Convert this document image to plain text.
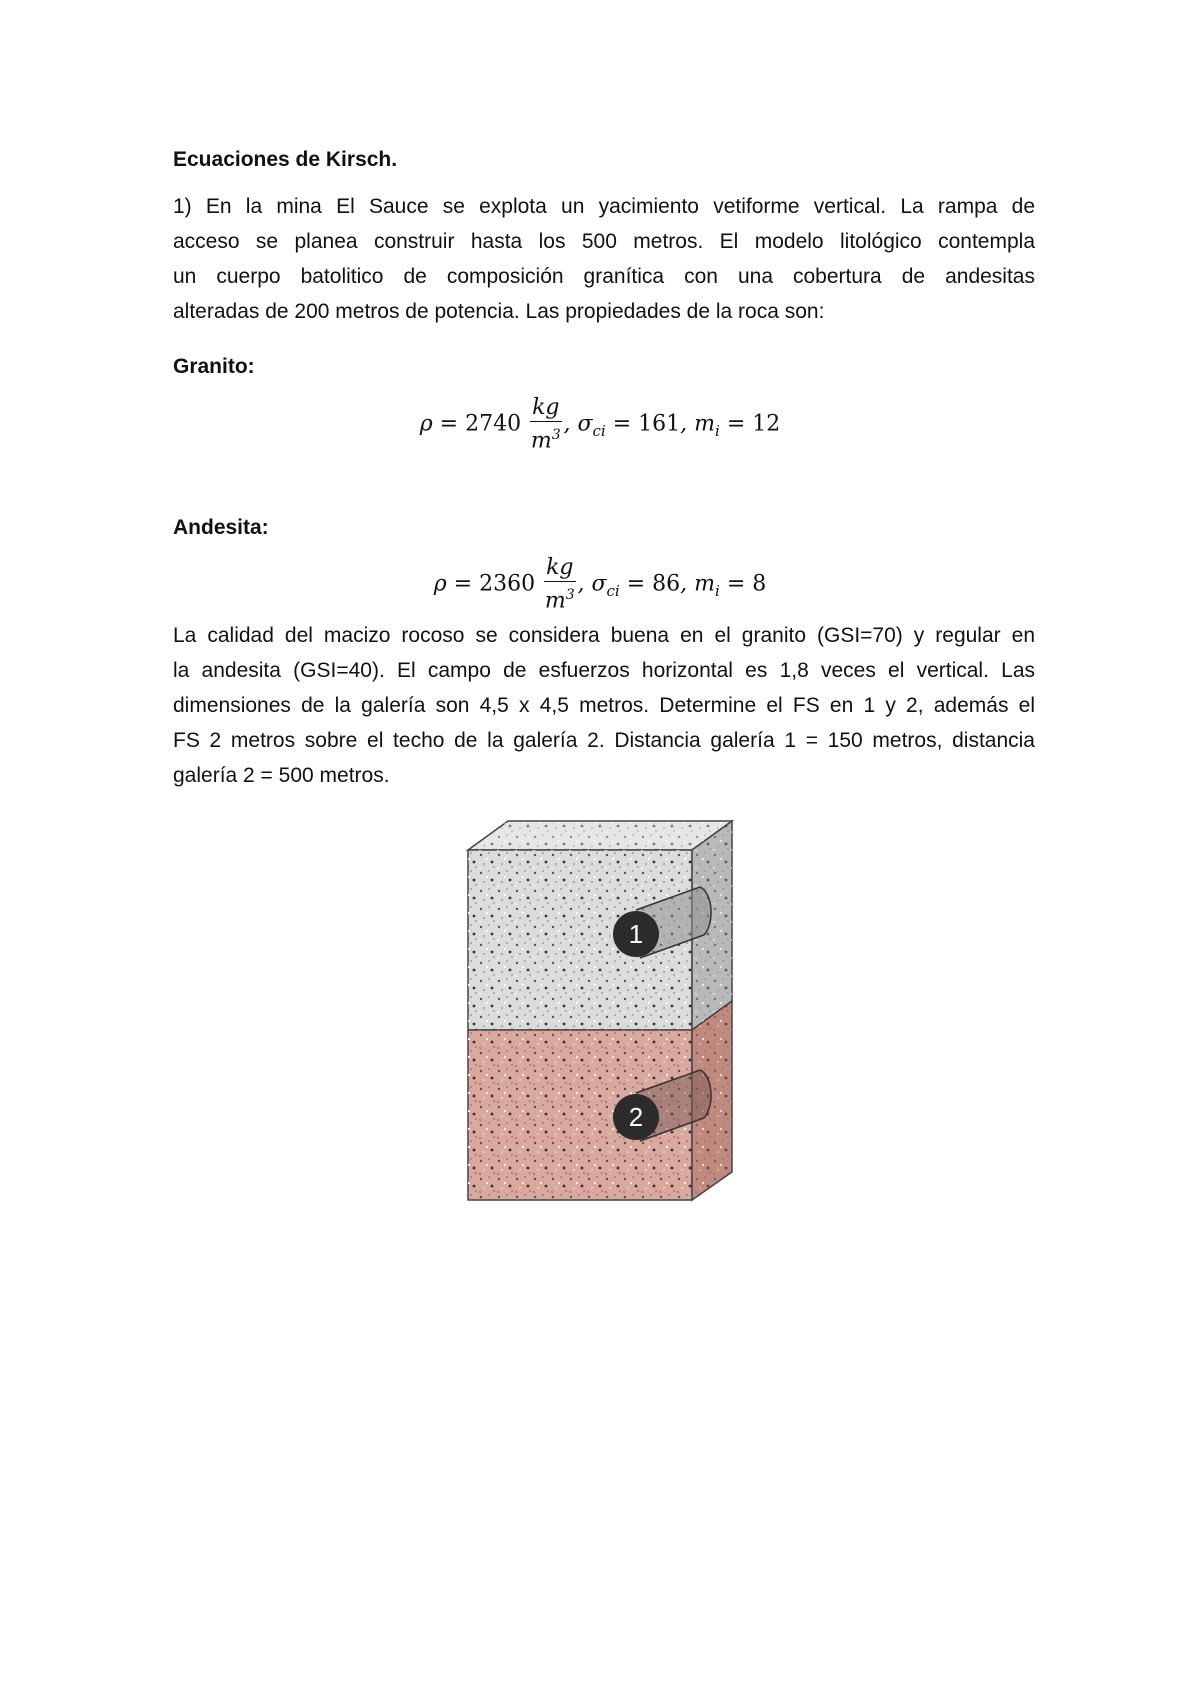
Ecuaciones de Kirsch.
1) En la mina El Sauce se explota un yacimiento vetiforme vertical. La rampa de
acceso se planea construir hasta los 500 metros. El modelo litológico contempla
un cuerpo batolitico de composición granítica con una cobertura de andesitas
alteradas de 200 metros de potencia. Las propiedades de la roca son:
Granito:
$\rho = 2740 \frac{kg}{m^3}$ , $\sigma_{ci} = 161$, $m_i = 12$
Andesita:
$\rho = 2360 \frac{kg}{m^3}$ , $\sigma_{ci} = 86$, $m_i = 8$
La calidad del macizo rocoso se considera buena en el granito (GSI=70) y regular en
la andesita (GSI=40). El campo de esfuerzos horizontal es 1,8 veces el vertical. Las
dimensiones de la galería son 4,5 x 4,5 metros. Determine el FS en 1 y 2, además el
FS 2 metros sobre el techo de la galería 2. Distancia galería 1 = 150 metros, distancia
galería 2 = 500 metros.
1
2
